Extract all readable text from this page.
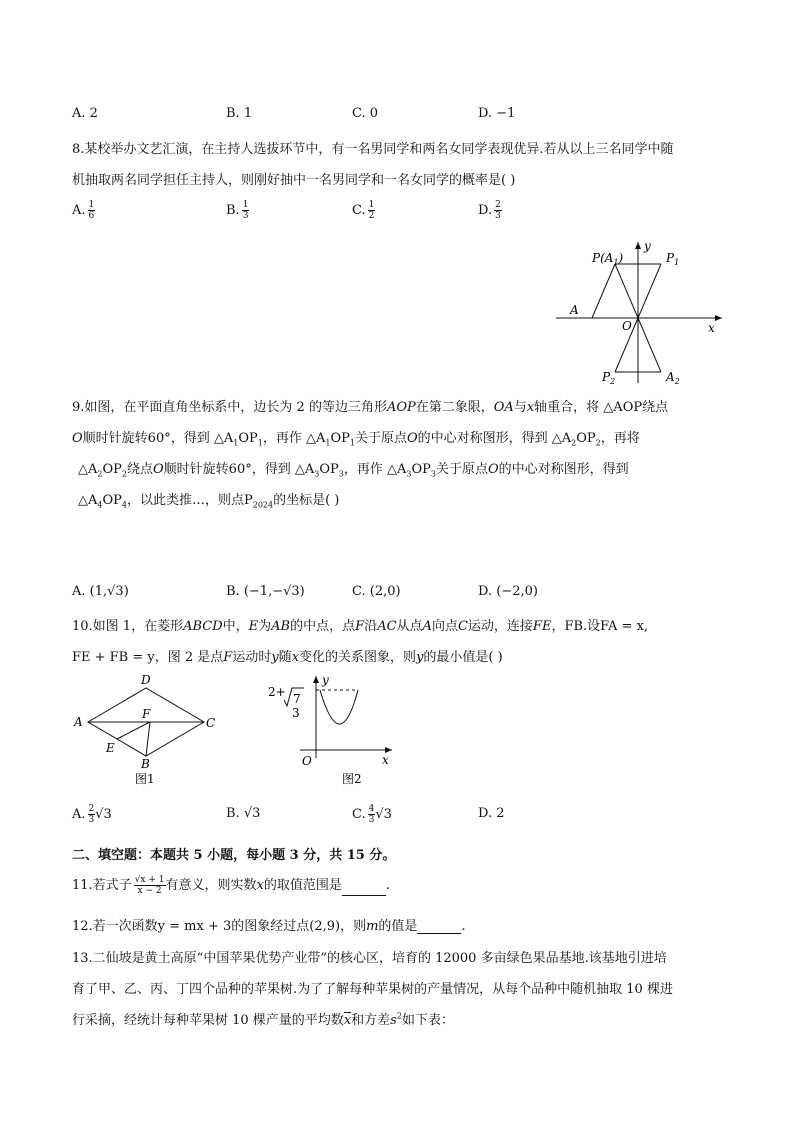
A. 2	B. 1	C. 0	D. −1
8.某校举办文艺汇演，在主持人选拔环节中，有一名男同学和两名女同学表现优异.若从以上三名同学中随
机抽取两名同学担任主持人，则刚好抽中一名男同学和一名女同学的概率是( )
A. $\frac{1}{6}$	B. $\frac{1}{3}$	C. $\frac{1}{2}$	D. $\frac{2}{3}$
$P(A_1)$	$P_1$
y
A
O	x
$P_2$	$A_2$
9.如图，在平面直角坐标系中，边长为 2 的等边三角形AOP在第二象限，OA与x轴重合，将 △AOP绕点
O顺时针旋转60°，得到 $\triangle A_1OP_1$，再作 $\triangle A_1OP_1$关于原点O的中心对称图形，得到 $\triangle A_2OP_2$，再将
$\triangle A_2OP_2$绕点O顺时针旋转60°，得到 $\triangle A_3OP_3$，再作 $\triangle A_3OP_3$关于原点O的中心对称图形，得到
$\triangle A_4OP_4$，以此类推…，则点$P_{2024}$的坐标是( )
A. (1,√3)	B. (−1,−√3)	C. (2,0)	D. (−2,0)
10.如图 1，在菱形ABCD中，E为AB的中点，点F沿AC从点A向点C运动，连接FE，FB.设FA = x,
FE + FB = y，图 2 是点F运动时y随x变化的关系图象，则y的最小值是( )
A
D
C
B
E
F
图1
y
2+ 7
3
O	x
图2
A. $\frac{2}{3} √3$	B. √3	C. $\frac{4}{3} √3$	D. 2
二、填空题：本题共 5 小题，每小题 3 分，共 15 分。
11.若式子 $\frac{√x + 1}{x - 2}$ 有意义，则实数x的取值范围是	.
12.若一次函数y = mx + 3的图象经过点(2,9)，则m的值是	.
13.二仙坡是黄土高原“中国苹果优势产业带”的核心区，培育的 12000 多亩绿色果品基地.该基地引进培
育了甲、乙、丙、丁四个品种的苹果树.为了了解每种苹果树的产量情况，从每个品种中随机抽取 10 棵进
行采摘，经统计每种苹果树 10 棵产量的平均数$\overline{x}$和方差$s^2$如下表：
